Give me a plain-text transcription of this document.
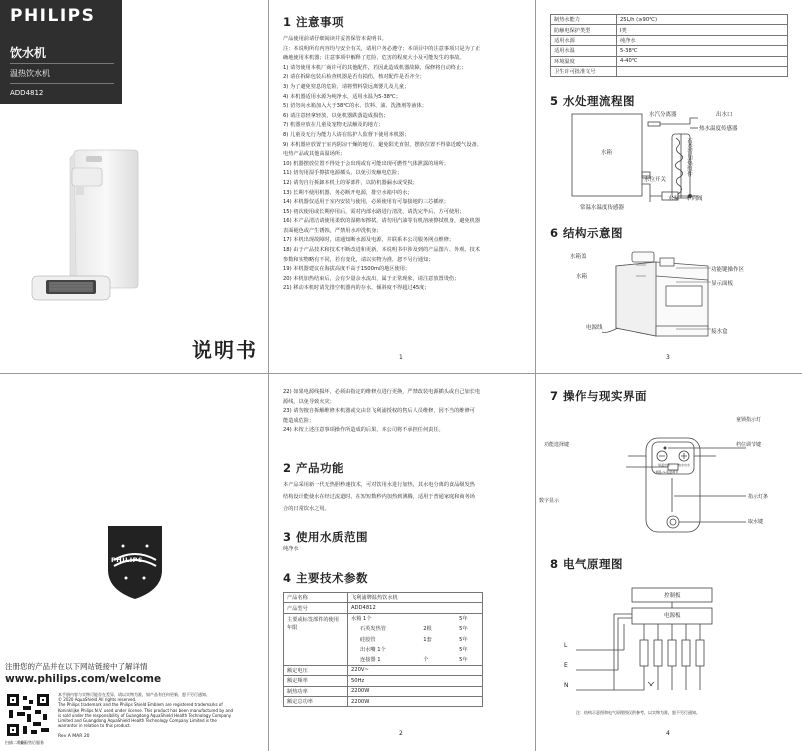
PHILIPS
饮水机
温热饮水机
ADD4812
说明书
1 注意事项
产品使用前请仔细阅读并妥善保管本说明书。
注：本说明所有内容均与安全有关，请用户务必遵守；本项目中的注意事项只是为了正
确地使用本机器；注意事项中解释了危险、危害的程度大小及可能发生的事故。
1) 请勿使用本机厂商许可的其他配件，若因此造成机器故障，保修将自动终止；
2) 请在拆除包装后检查机器是否有损伤，核对配件是否齐全；
3) 为了避免窒息的危险，请将塑料袋远离婴儿及儿童；
4) 本机器适用水源为纯净水，适用水温为5-38℃；
5) 切勿向水箱加入大于38℃的水、饮料、油、洗涤剂等液体；
6) 请注意轻拿轻放，以免机器跌落造成损伤；
7) 机器应放在儿童及宠物无法触及的地方；
8) 儿童及无行为能力人请在监护人监督下使用本机器；
9) 本机器应放置于室内阴凉干燥的地方，避免阳光直射，摆放位置不得靠近暖气设备、
电热产品或其他高温场所；
10) 机器摆放位置不得处于会出现或有可能出现可燃性气体泄露的场所；
11) 切勿用湿手擦拔电源插头，以免引发触电危险；
12) 请勿自行拆卸本机上的零部件，以防机器漏水或受损；
13) 长期不使用机器，务必断开电源，排空水箱中的水；
14) 本机器仅适用于室内安装与使用，必须使用有可靠接地的三芯插座；
15) 初次使用或长期停用后，需对内部水路进行清洗，请洗完毕后，方可使用；
16) 本产品清洁请使用柔软的湿棉布擦拭，请勿用汽油等有机溶液擦拭机身，避免机器
表面褪色或产生锈蚀，严禁用水冲洗机身；
17) 本机出现故障时，请通知断水源及电源，并联系本公司服务网点维修；
18) 由于产品技术和技术不断改进和更新，本说明书中涉及到的产品图片、外观、技术
参数和实物略有不同，若有变化，请以实物为准，恕不另行通知；
19) 本机器建议在海拔高度不高于1500m的地区使用；
20) 本机加热结束后，会有少量余水流出，属于正常现象，请注意放置烫伤；
21) 移动本机时请先排空机器内的存水，倾斜度不得超过45度；
1
制热水能力	25L/h (≥90℃)
防触电保护类型	I类
适用水源	纯净水
适用水温	5-38℃
环境温度	4-40℃
卫生许可批准文号	
5 水处理流程图
水汽分离器	出水口
热水温度传感器
水箱
水位开关
石英管加热组件
水泵 单向阀
常温水温度传感器
6 结构示意图
水箱盖
水箱
功能键操作区
显示面板
电源线
接水盒
3
PHILIPS
注册您的产品并在以下网站链接中了解详情
www.philips.com/welcome
扫描二维码
查看售后服务
本手册内容与实物可能存在差异，请以实物为准，如产品有任何更新，恕不另行通知。
© 2020 AquaShield All rights reserved.
The Philips trademark and the Philips Shield Emblem are registered trademarks of
Koninklijke Philips N.V. used under license. This product has been manufactured by and
is sold under the responsibility of Guangdong AquaShield Health Technology Company
Limited and Guangdong AquaShield Health Technology Company Limited is the
warrantor in relation to this product.
Rev A MAR 20
22) 如果电源线损坏，必须由指定的维修点进行更换，严禁改装电源插头或自己加长电
源线，以免导致火灾；
23) 请勿擅自拆解维修本机器或交由非飞利浦授权的售后人员维修，因不当的维修可
能造成危险；
24) 未按上述注意事项操作所造成的后果，本公司将不承担任何责任。
2 产品功能
本产品采用新一代无热胆秒速技术，可对饮用水进行加热，其水电分离的食品级发热
结构设计能使水在经过流道时，在短短数秒内加热到沸腾，适用于普通家庭和商务场
合的日常饮水之用。
3 使用水质范围
纯净水
4 主要技术参数
产品名称	飞利浦牌温热饮水机			
产品型号	ADD4812			
主要或标签部件的使用年限	水箱 1个			5年
	石英发热管	2根		5年
	硅胶管	1套		5年
	出水嘴 1个			5年
	连接器 1	个		5年
额定电压	220V~			
额定频率	50Hz			
制热功率	2200W			
额定总功率	2200W			
2
7 操作与现实界面
童锁指示灯
功能选择键	档位调节键
常温出水	热水出水
+调温-/+流量调节
数字显示
指示灯条
取水键
8 电气原理图
控制板
电源板
L
E
N
注：结构示意图和电气原理图仅供参考，以实物为准，恕不另行通知。
4
